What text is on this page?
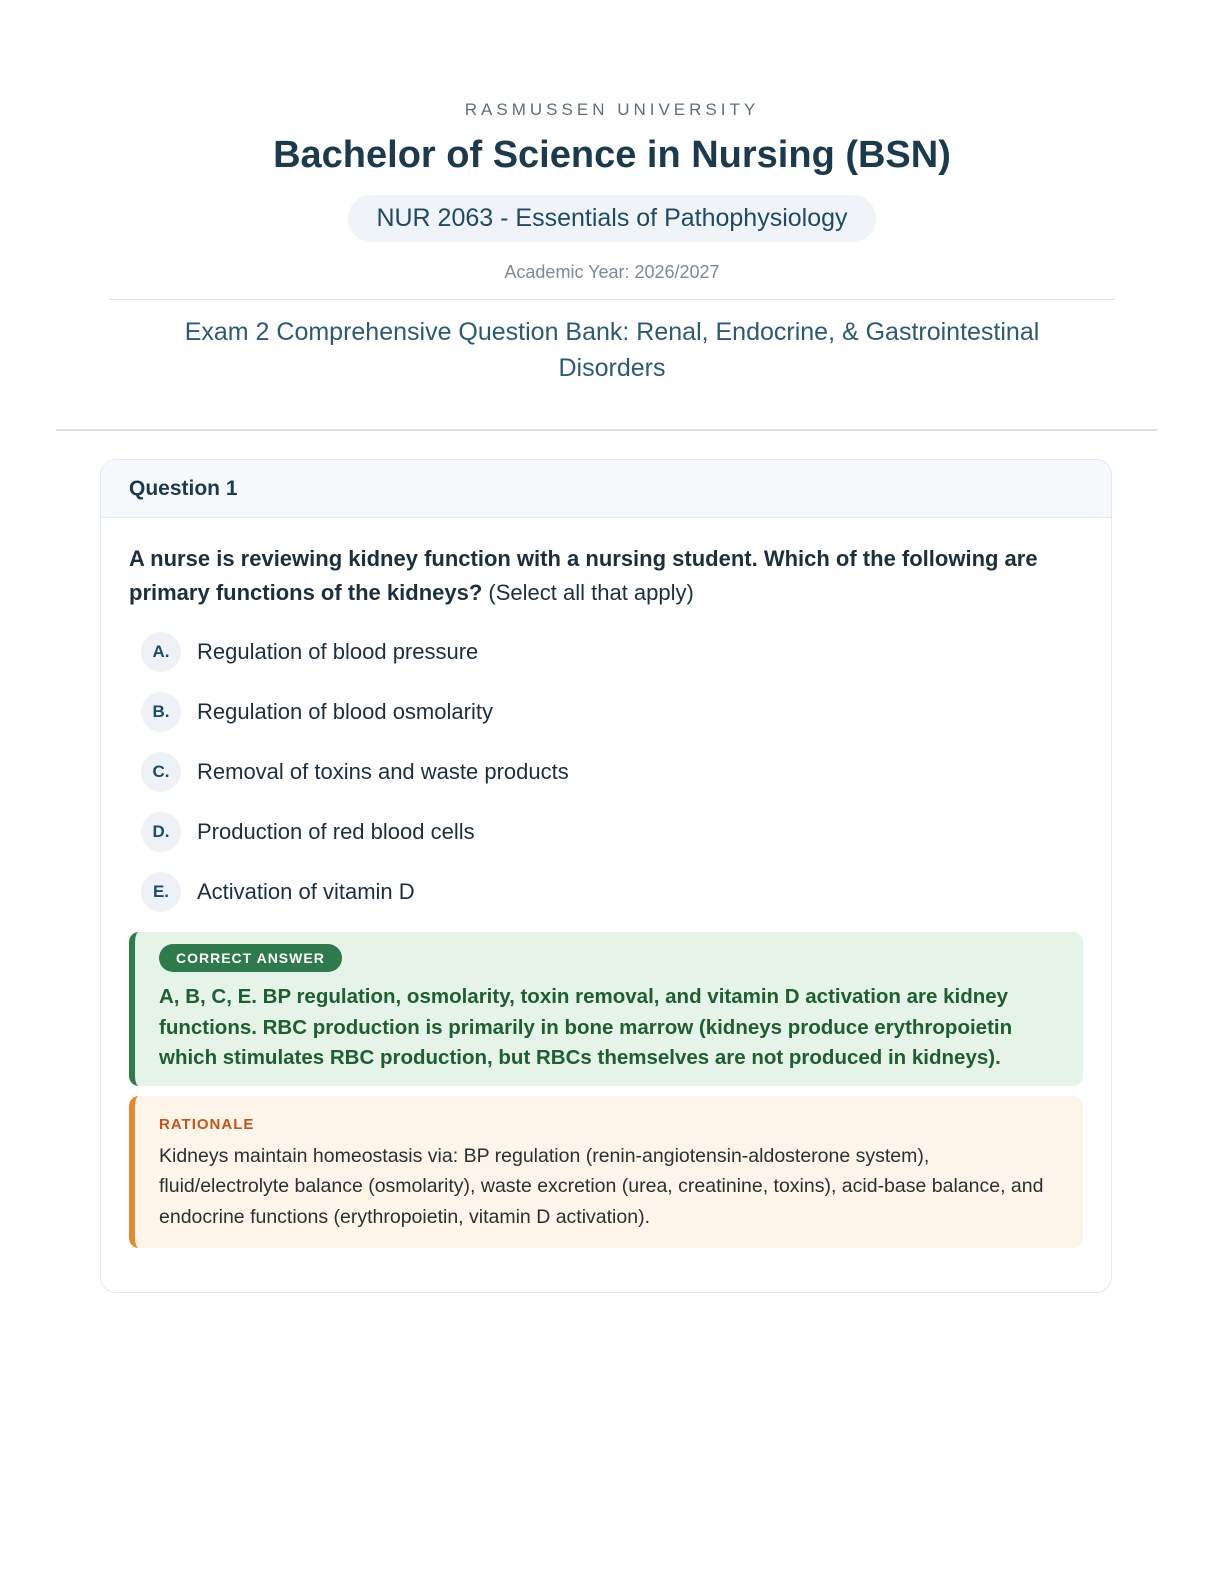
RASMUSSEN UNIVERSITY
Bachelor of Science in Nursing (BSN)
NUR 2063 - Essentials of Pathophysiology
Academic Year: 2026/2027
Exam 2 Comprehensive Question Bank: Renal, Endocrine, & Gastrointestinal Disorders
Question 1

A nurse is reviewing kidney function with a nursing student. Which of the following are primary functions of the kidneys? (Select all that apply)

A.	Regulation of blood pressure
B.	Regulation of blood osmolarity
C.	Removal of toxins and waste products
D.	Production of red blood cells
E.	Activation of vitamin D
CORRECT ANSWER

A, B, C, E. BP regulation, osmolarity, toxin removal, and vitamin D activation are kidney functions. RBC production is primarily in bone marrow (kidneys produce erythropoietin which stimulates RBC production, but RBCs themselves are not produced in kidneys).

RATIONALE

Kidneys maintain homeostasis via: BP regulation (renin-angiotensin-aldosterone system), fluid/electrolyte balance (osmolarity), waste excretion (urea, creatinine, toxins), acid-base balance, and endocrine functions (erythropoietin, vitamin D activation).
